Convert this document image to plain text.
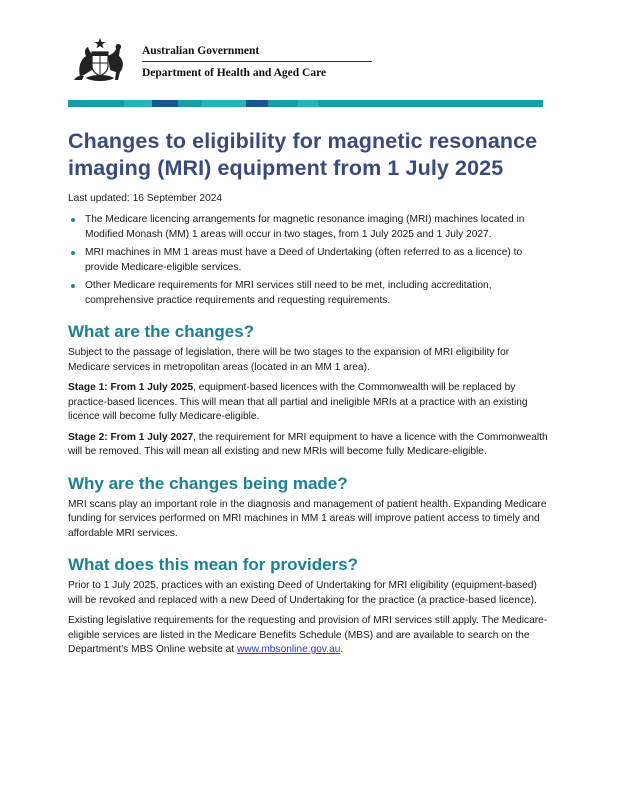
Australian Government
Department of Health and Aged Care
Changes to eligibility for magnetic resonance imaging (MRI) equipment from 1 July 2025
Last updated: 16 September 2024
The Medicare licencing arrangements for magnetic resonance imaging (MRI) machines located in Modified Monash (MM) 1 areas will occur in two stages, from 1 July 2025 and 1 July 2027.
MRI machines in MM 1 areas must have a Deed of Undertaking (often referred to as a licence) to provide Medicare-eligible services.
Other Medicare requirements for MRI services still need to be met, including accreditation, comprehensive practice requirements and requesting requirements.
What are the changes?

Subject to the passage of legislation, there will be two stages to the expansion of MRI eligibility for Medicare services in metropolitan areas (located in an MM 1 area).

Stage 1: From 1 July 2025, equipment-based licences with the Commonwealth will be replaced by practice-based licences. This will mean that all partial and ineligible MRIs at a practice with an existing licence will become fully Medicare-eligible.

Stage 2: From 1 July 2027, the requirement for MRI equipment to have a licence with the Commonwealth will be removed. This will mean all existing and new MRIs will become fully Medicare-eligible.

Why are the changes being made?

MRI scans play an important role in the diagnosis and management of patient health. Expanding Medicare funding for services performed on MRI machines in MM 1 areas will improve patient access to timely and affordable MRI services.

What does this mean for providers?

Prior to 1 July 2025, practices with an existing Deed of Undertaking for MRI eligibility (equipment-based) will be revoked and replaced with a new Deed of Undertaking for the practice (a practice-based licence).

Existing legislative requirements for the requesting and provision of MRI services still apply. The Medicare-eligible services are listed in the Medicare Benefits Schedule (MBS) and are available to search on the Department's MBS Online website at www.mbsonline.gov.au.
